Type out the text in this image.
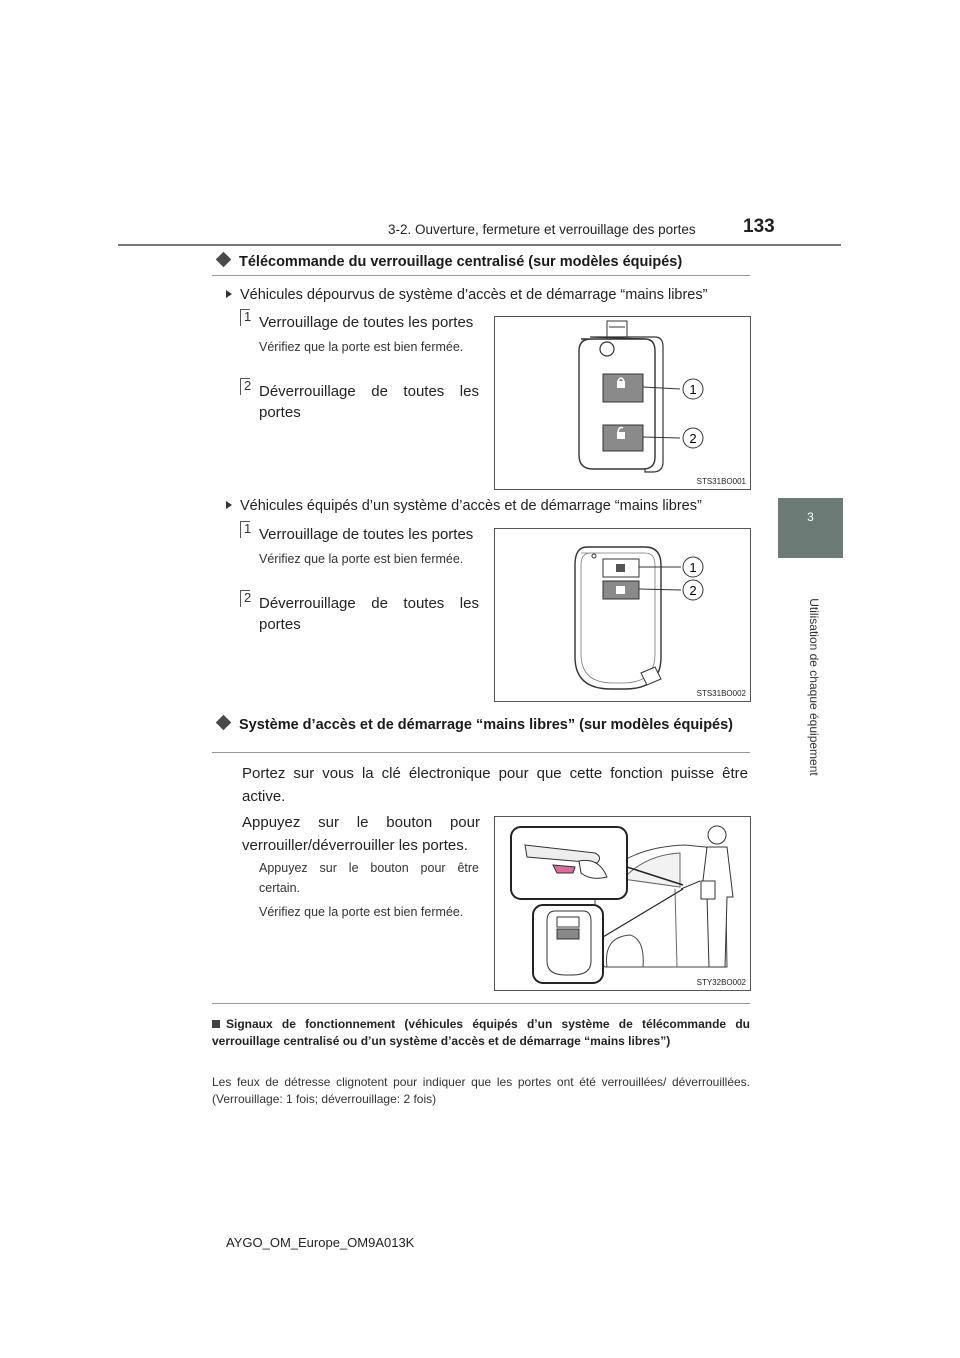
3-2. Ouverture, fermeture et verrouillage des portes 133
3
Utilisation de chaque équipement
Télécommande du verrouillage centralisé (sur modèles équipés)
Véhicules dépourvus de système d’accès et de démarrage “mains libres”
1 Verrouillage de toutes les portes
Vérifiez que la porte est bien fermée.
2 Déverrouillage de toutes les portes
1
2
STS31BO001
Véhicules équipés d’un système d’accès et de démarrage “mains libres”
1 Verrouillage de toutes les portes
Vérifiez que la porte est bien fermée.
2 Déverrouillage de toutes les portes
1
2
STS31BO002
Système d’accès et de démarrage “mains libres” (sur modèles équipés)
Portez sur vous la clé électronique pour que cette fonction puisse être active.
Appuyez sur le bouton pour verrouiller/déverrouiller les portes.
Appuyez sur le bouton pour être certain.
Vérifiez que la porte est bien fermée.
STY32BO002
Signaux de fonctionnement (véhicules équipés d’un système de télécommande du verrouillage centralisé ou d’un système d’accès et de démarrage “mains libres”)
Les feux de détresse clignotent pour indiquer que les portes ont été verrouillées/ déverrouillées. (Verrouillage: 1 fois; déverrouillage: 2 fois)
AYGO_OM_Europe_OM9A013K
